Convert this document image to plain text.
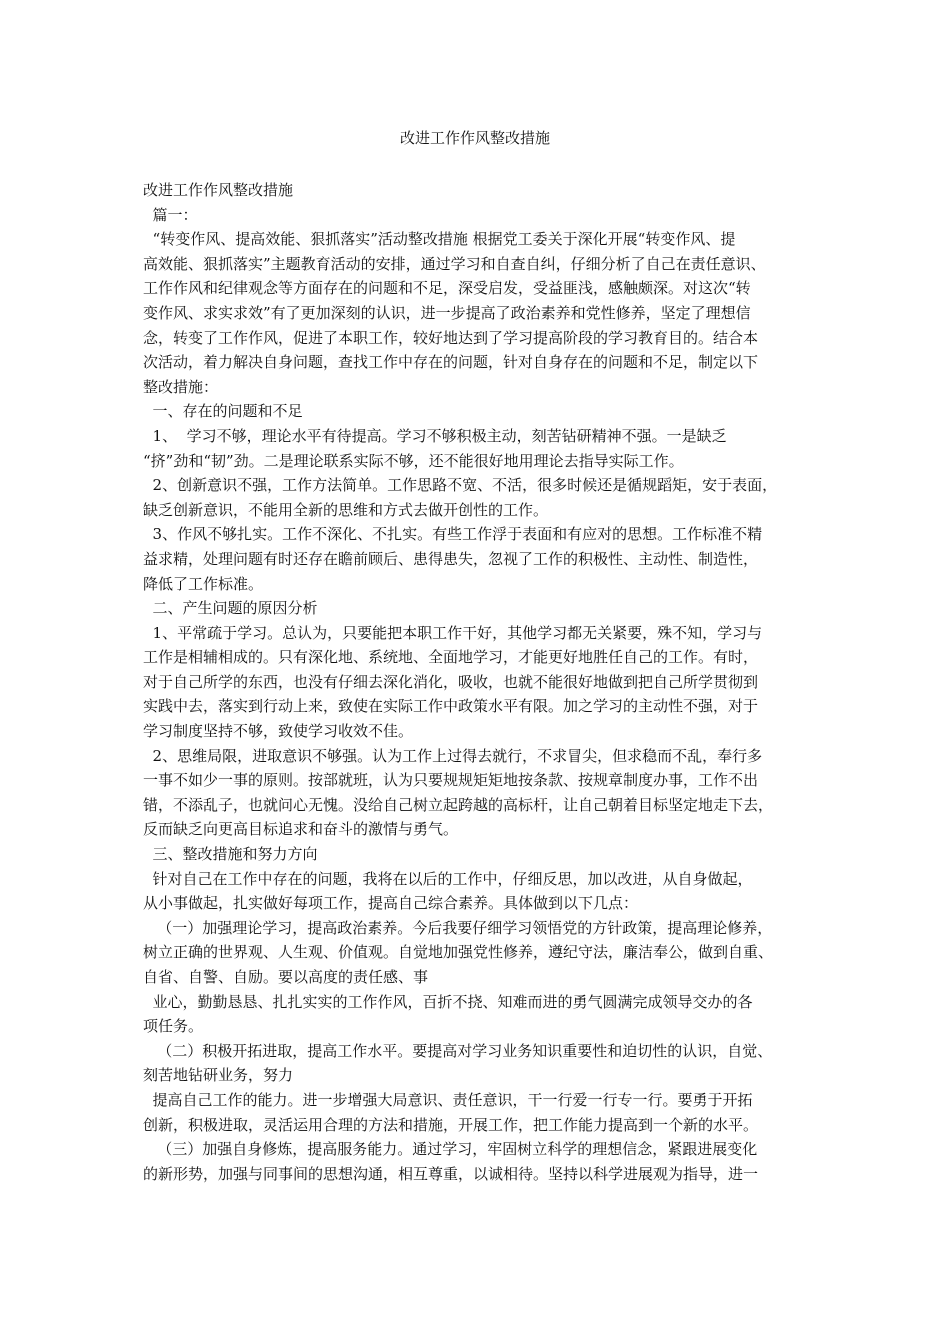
改进工作作风整改措施
改进工作作风整改措施
篇一：
“转变作风、提高效能、狠抓落实”活动整改措施 根据党工委关于深化开展“转变作风、提
高效能、狠抓落实”主题教育活动的安排，通过学习和自查自纠，仔细分析了自己在责任意识、
工作作风和纪律观念等方面存在的问题和不足，深受启发，受益匪浅，感触颇深。对这次“转
变作风、求实求效”有了更加深刻的认识，进一步提高了政治素养和党性修养，坚定了理想信
念，转变了工作作风，促进了本职工作，较好地达到了学习提高阶段的学习教育目的。结合本
次活动，着力解决自身问题，查找工作中存在的问题，针对自身存在的问题和不足，制定以下
整改措施：
一、存在的问题和不足
1、  学习不够，理论水平有待提高。学习不够积极主动，刻苦钻研精神不强。一是缺乏
“挤”劲和“韧”劲。二是理论联系实际不够，还不能很好地用理论去指导实际工作。
2、创新意识不强，工作方法简单。工作思路不宽、不活，很多时候还是循规蹈矩，安于表面，
缺乏创新意识，不能用全新的思维和方式去做开创性的工作。
3、作风不够扎实。工作不深化、不扎实。有些工作浮于表面和有应对的思想。工作标准不精
益求精，处理问题有时还存在瞻前顾后、患得患失，忽视了工作的积极性、主动性、制造性，
降低了工作标准。
二、产生问题的原因分析
1、平常疏于学习。总认为，只要能把本职工作干好，其他学习都无关紧要，殊不知，学习与
工作是相辅相成的。只有深化地、系统地、全面地学习，才能更好地胜任自己的工作。有时，
对于自己所学的东西，也没有仔细去深化消化，吸收，也就不能很好地做到把自己所学贯彻到
实践中去，落实到行动上来，致使在实际工作中政策水平有限。加之学习的主动性不强，对于
学习制度坚持不够，致使学习收效不佳。
2、思维局限，进取意识不够强。认为工作上过得去就行，不求冒尖，但求稳而不乱，奉行多
一事不如少一事的原则。按部就班，认为只要规规矩矩地按条款、按规章制度办事，工作不出
错，不添乱子，也就问心无愧。没给自己树立起跨越的高标杆，让自己朝着目标坚定地走下去，
反而缺乏向更高目标追求和奋斗的激情与勇气。
三、整改措施和努力方向
针对自己在工作中存在的问题，我将在以后的工作中，仔细反思，加以改进，从自身做起，
从小事做起，扎实做好每项工作，提高自己综合素养。具体做到以下几点：
（一）加强理论学习，提高政治素养。今后我要仔细学习领悟党的方针政策，提高理论修养，
树立正确的世界观、人生观、价值观。自觉地加强党性修养，遵纪守法，廉洁奉公，做到自重、
自省、自警、自励。要以高度的责任感、事
业心，勤勤恳恳、扎扎实实的工作作风，百折不挠、知难而进的勇气圆满完成领导交办的各
项任务。
（二）积极开拓进取，提高工作水平。要提高对学习业务知识重要性和迫切性的认识，自觉、
刻苦地钻研业务，努力
提高自己工作的能力。进一步增强大局意识、责任意识，干一行爱一行专一行。要勇于开拓
创新，积极进取，灵活运用合理的方法和措施，开展工作，把工作能力提高到一个新的水平。
（三）加强自身修炼，提高服务能力。通过学习，牢固树立科学的理想信念，紧跟进展变化
的新形势，加强与同事间的思想沟通，相互尊重，以诚相待。坚持以科学进展观为指导，进一
